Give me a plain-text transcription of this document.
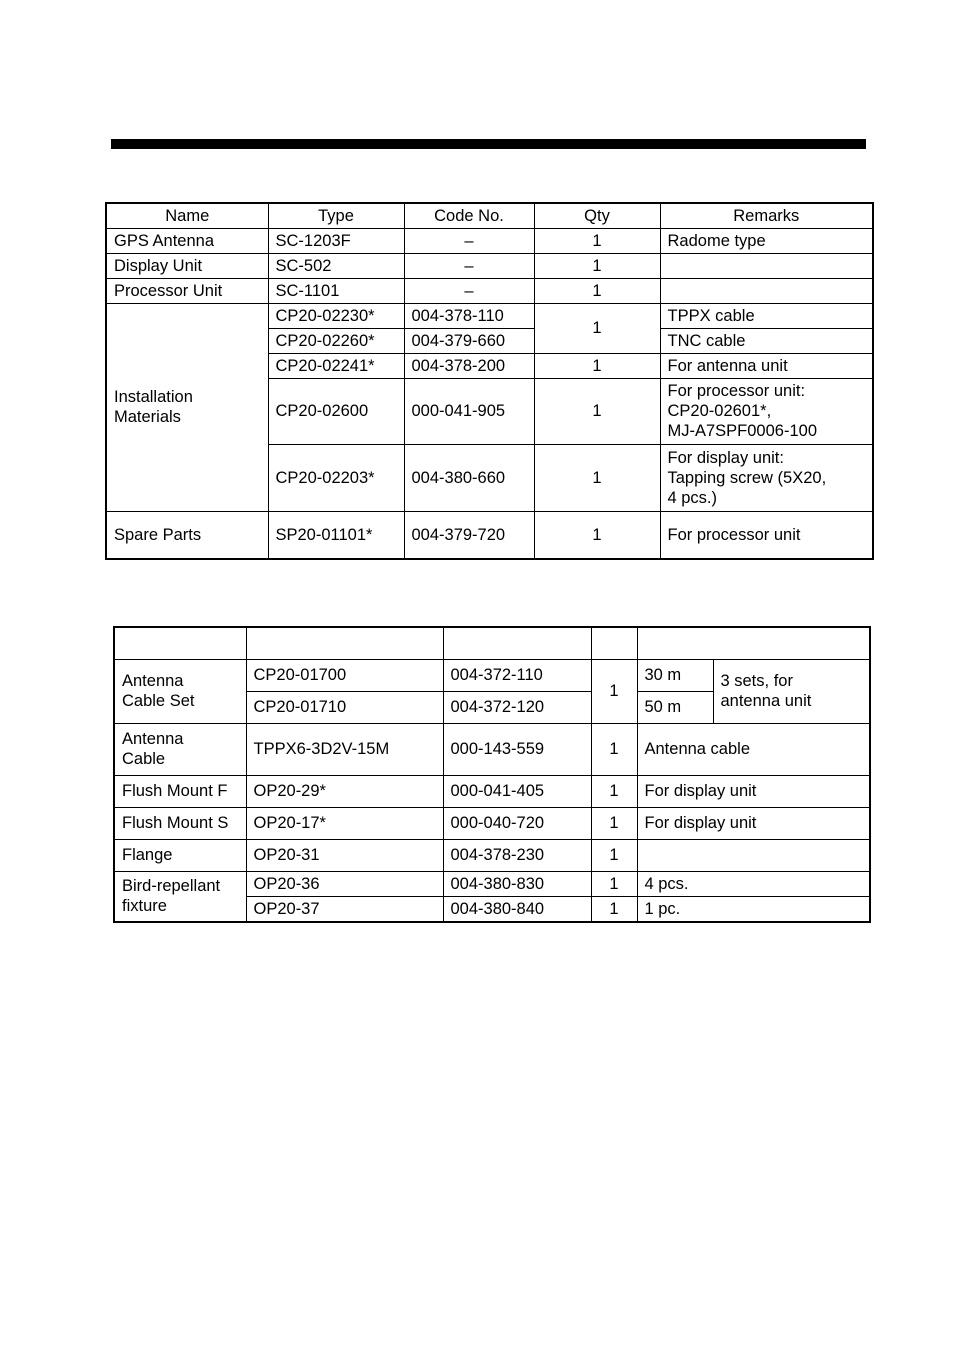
Name	Type	Code No.	Qty	Remarks
GPS Antenna	SC-1203F	–	1	Radome type
Display Unit	SC-502	–	1	
Processor Unit	SC-1101	–	1	
Installation
Materials	CP20-02230*	004-378-110	1	TPPX cable
	CP20-02260*	004-379-660		TNC cable
	CP20-02241*	004-378-200	1	For antenna unit
	CP20-02600	000-041-905	1	For processor unit:
CP20-02601*,
MJ-A7SPF0006-100
	CP20-02203*	004-380-660	1	For display unit:
Tapping screw (5X20,
4 pcs.)
Spare Parts	SP20-01101*	004-379-720	1	For processor unit

Antenna
Cable Set	CP20-01700	004-372-110	1	30 m	3 sets, for
antenna unit
	CP20-01710	004-372-120		50 m	
Antenna
Cable	TPPX6-3D2V-15M	000-143-559	1	Antenna cable	
Flush Mount F	OP20-29*	000-041-405	1	For display unit	
Flush Mount S	OP20-17*	000-040-720	1	For display unit	
Flange	OP20-31	004-378-230	1		
Bird-repellant
fixture	OP20-36	004-380-830	1	4 pcs.	
	OP20-37	004-380-840	1	1 pc.	
